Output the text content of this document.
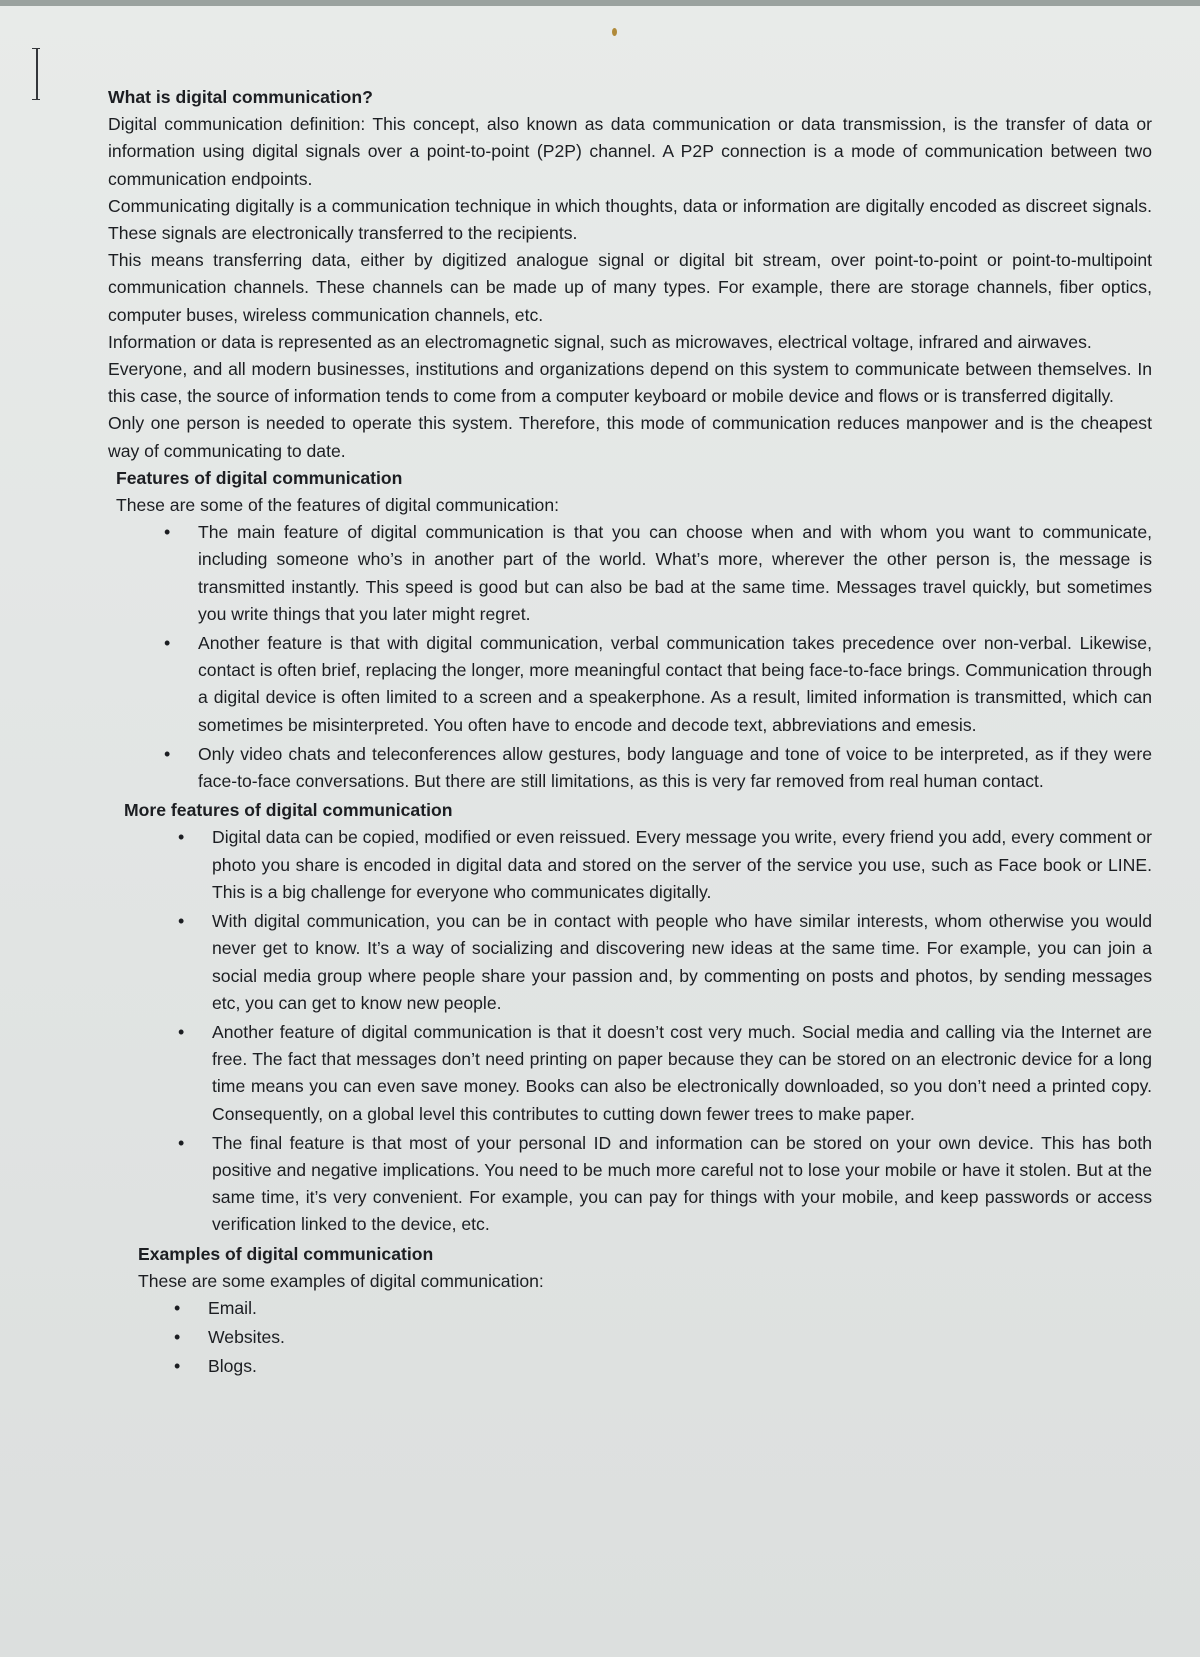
What is digital communication?

Digital communication definition: This concept, also known as data communication or data transmission, is the transfer of data or information using digital signals over a point-to-point (P2P) channel. A P2P connection is a mode of communication between two communication endpoints.

Communicating digitally is a communication technique in which thoughts, data or information are digitally encoded as discreet signals. These signals are electronically transferred to the recipients.

This means transferring data, either by digitized analogue signal or digital bit stream, over point-to-point or point-to-multipoint communication channels. These channels can be made up of many types. For example, there are storage channels, fiber optics, computer buses, wireless communication channels, etc.

Information or data is represented as an electromagnetic signal, such as microwaves, electrical voltage, infrared and airwaves.

Everyone, and all modern businesses, institutions and organizations depend on this system to communicate between themselves. In this case, the source of information tends to come from a computer keyboard or mobile device and flows or is transferred digitally.

Only one person is needed to operate this system. Therefore, this mode of communication reduces manpower and is the cheapest way of communicating to date.

Features of digital communication

These are some of the features of digital communication:

• The main feature of digital communication is that you can choose when and with whom you want to communicate, including someone who’s in another part of the world. What’s more, wherever the other person is, the message is transmitted instantly. This speed is good but can also be bad at the same time. Messages travel quickly, but sometimes you write things that you later might regret.
• Another feature is that with digital communication, verbal communication takes precedence over non-verbal. Likewise, contact is often brief, replacing the longer, more meaningful contact that being face-to-face brings. Communication through a digital device is often limited to a screen and a speakerphone. As a result, limited information is transmitted, which can sometimes be misinterpreted. You often have to encode and decode text, abbreviations and emesis.
• Only video chats and teleconferences allow gestures, body language and tone of voice to be interpreted, as if they were face-to-face conversations. But there are still limitations, as this is very far removed from real human contact.

More features of digital communication

• Digital data can be copied, modified or even reissued. Every message you write, every friend you add, every comment or photo you share is encoded in digital data and stored on the server of the service you use, such as Face book or LINE. This is a big challenge for everyone who communicates digitally.
• With digital communication, you can be in contact with people who have similar interests, whom otherwise you would never get to know. It’s a way of socializing and discovering new ideas at the same time. For example, you can join a social media group where people share your passion and, by commenting on posts and photos, by sending messages etc, you can get to know new people.
• Another feature of digital communication is that it doesn’t cost very much. Social media and calling via the Internet are free. The fact that messages don’t need printing on paper because they can be stored on an electronic device for a long time means you can even save money. Books can also be electronically downloaded, so you don’t need a printed copy. Consequently, on a global level this contributes to cutting down fewer trees to make paper.
• The final feature is that most of your personal ID and information can be stored on your own device. This has both positive and negative implications. You need to be much more careful not to lose your mobile or have it stolen. But at the same time, it’s very convenient. For example, you can pay for things with your mobile, and keep passwords or access verification linked to the device, etc.

Examples of digital communication

These are some examples of digital communication:

• Email.
• Websites.
• Blogs.
